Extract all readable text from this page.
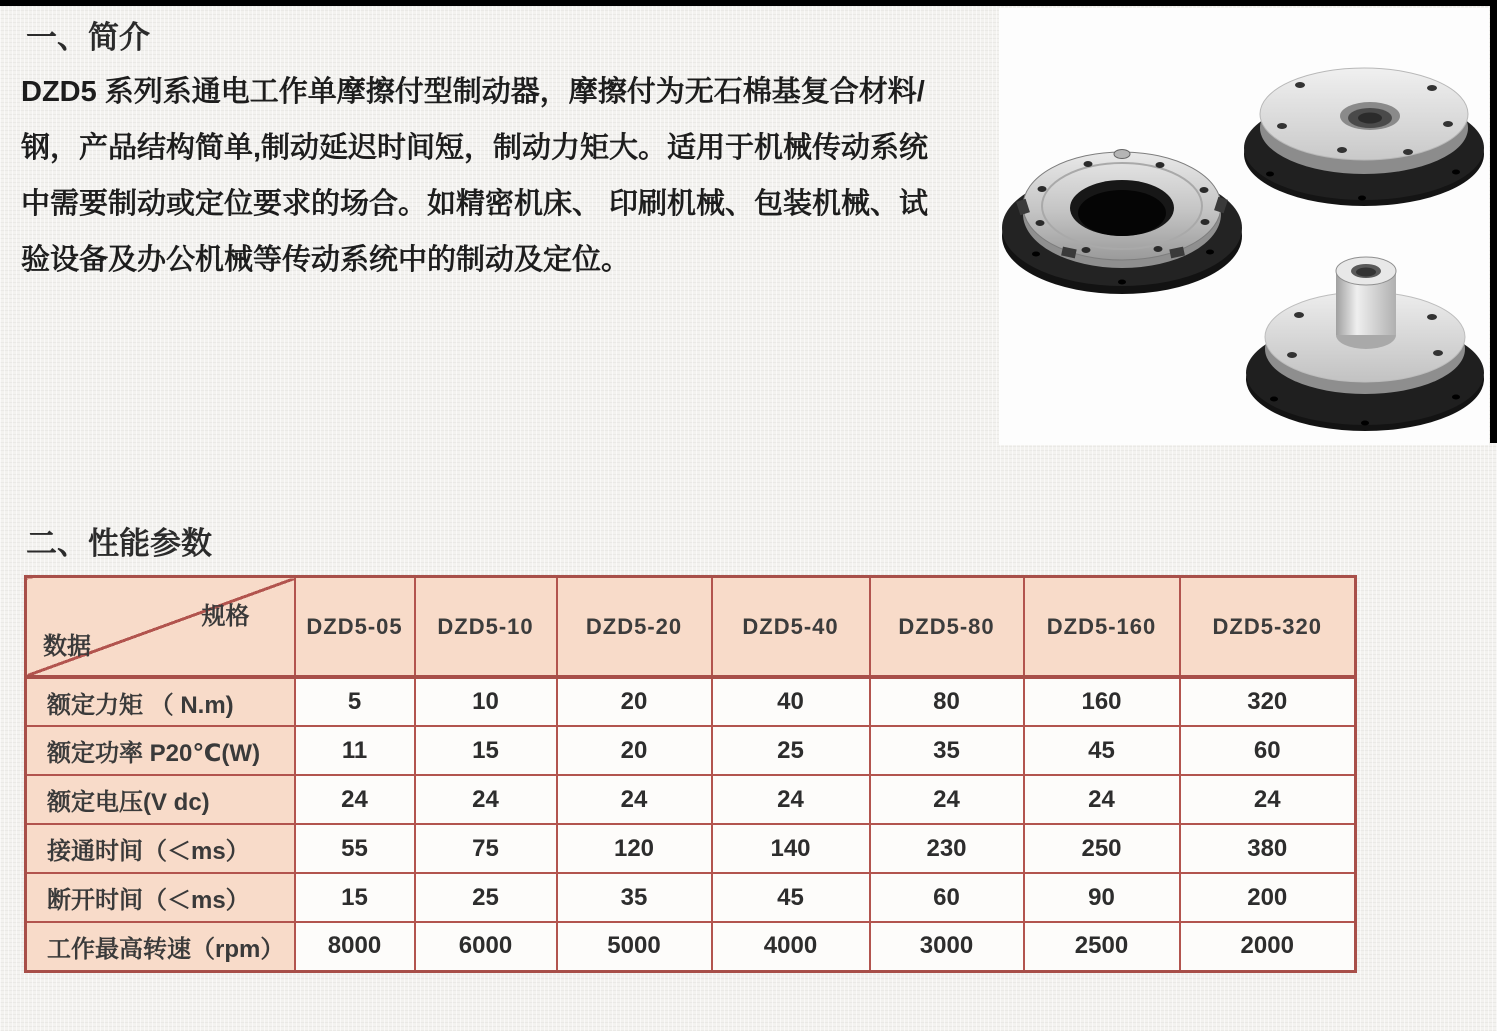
一、简介
DZD5 系列系通电工作单摩擦付型制动器，摩擦付为无石棉基复合材料/
钢，产品结构简单,制动延迟时间短，制动力矩大。适用于机械传动系统
中需要制动或定位要求的场合。如精密机床、 印刷机械、包装机械、试
验设备及办公机械等传动系统中的制动及定位。
二、性能参数
规格
数据	DZD5-05	DZD5-10	DZD5-20	DZD5-40	DZD5-80	DZD5-160	DZD5-320
额定力矩 （ N.m)	5	10	20	40	80	160	320
额定功率 P20℃(W)	11	15	20	25	35	45	60
额定电压(V dc)	24	24	24	24	24	24	24
接通时间（＜ms）	55	75	120	140	230	250	380
断开时间（＜ms）	15	25	35	45	60	90	200
工作最高转速（rpm）	8000	6000	5000	4000	3000	2500	2000
